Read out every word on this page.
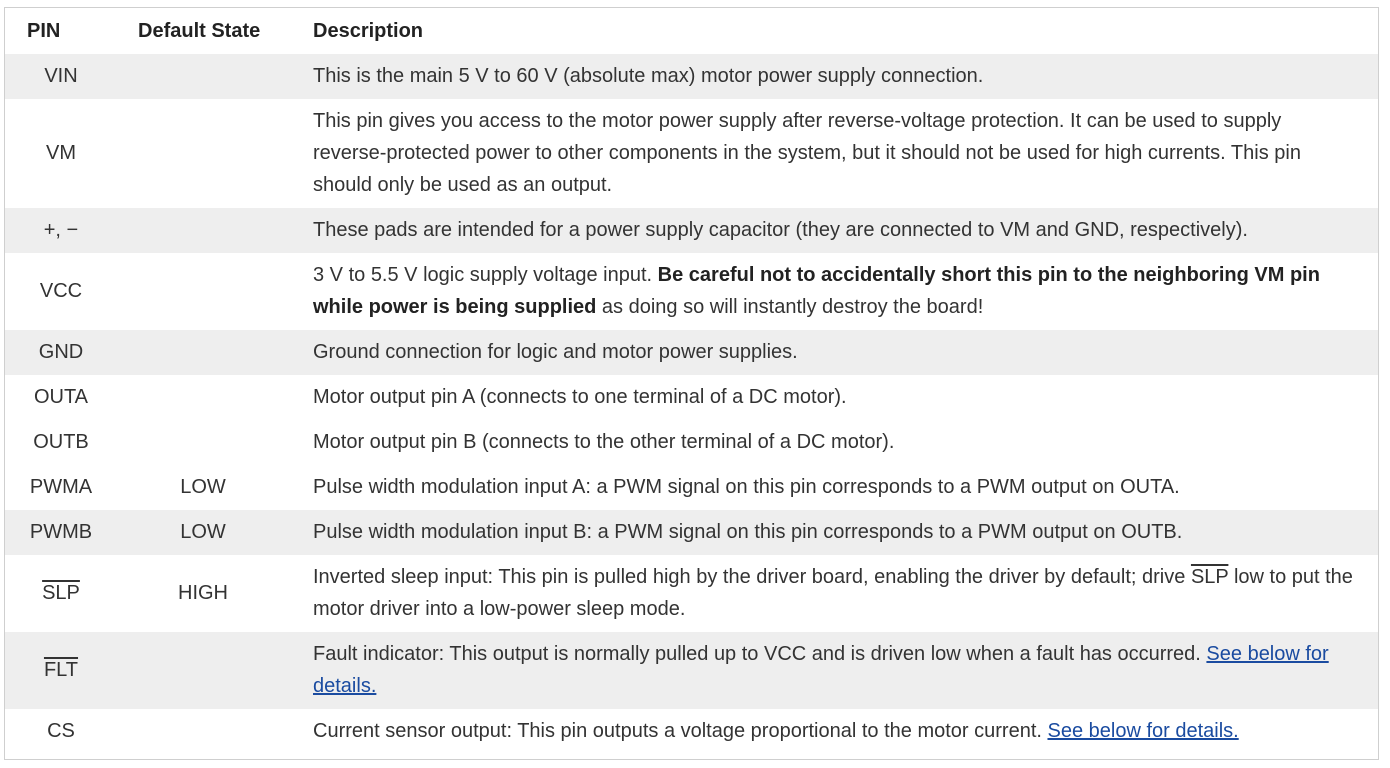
PIN	Default State	Description
VIN		This is the main 5 V to 60 V (absolute max) motor power supply connection.
VM		This pin gives you access to the motor power supply after reverse-voltage protection. It can be used to supply reverse-protected power to other components in the system, but it should not be used for high currents. This pin should only be used as an output.
+, −		These pads are intended for a power supply capacitor (they are connected to VM and GND, respectively).
VCC		3 V to 5.5 V logic supply voltage input. Be careful not to accidentally short this pin to the neighboring VM pin while power is being supplied as doing so will instantly destroy the board!
GND		Ground connection for logic and motor power supplies.
OUTA		Motor output pin A (connects to one terminal of a DC motor).
OUTB		Motor output pin B (connects to the other terminal of a DC motor).
PWMA	LOW	Pulse width modulation input A: a PWM signal on this pin corresponds to a PWM output on OUTA.
PWMB	LOW	Pulse width modulation input B: a PWM signal on this pin corresponds to a PWM output on OUTB.
$\overline{SLP}$	HIGH	Inverted sleep input: This pin is pulled high by the driver board, enabling the driver by default; drive $\overline{SLP}$ low to put the motor driver into a low-power sleep mode.
$\overline{FLT}$		Fault indicator: This output is normally pulled up to VCC and is driven low when a fault has occurred. See below for details.
CS		Current sensor output: This pin outputs a voltage proportional to the motor current. See below for details.
